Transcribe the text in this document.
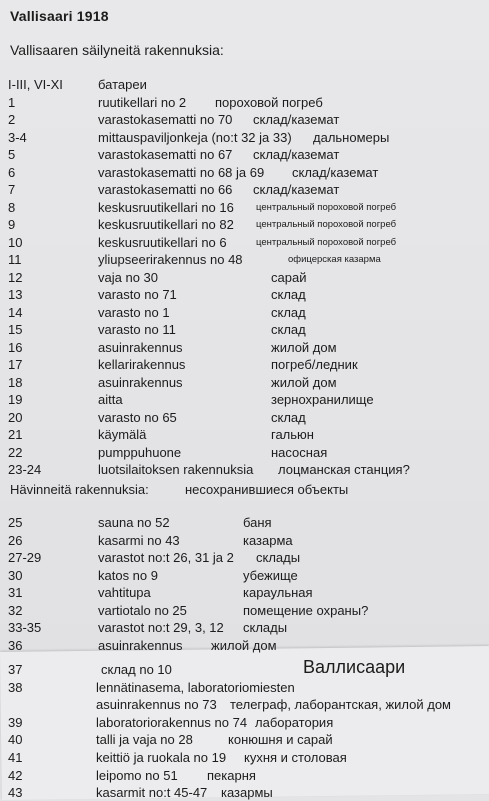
Vallisaari 1918
Vallisaaren säilyneitä rakennuksia:
I-III, VI-XI	батареи
1	ruutikellari no 2 пороховой погреб
2	varastokasematti no 70 склад/каземат
3-4	mittauspaviljonkeja (no:t 32 ja 33) дальномеры
5	varastokasematti no 67 склад/каземат
6	varastokasematti no 68 ja 69 склад/каземат
7	varastokasematti no 66 склад/каземат
8	keskusruutikellari no 16 центральный пороховой погреб
9	keskusruutikellari no 82 центральный пороховой погреб
10	keskusruutikellari no 6	центральный пороховой погреб
11	yliupseerirakennus no 48	офицерская казарма
12	vaja no 30	сарай
13	varasto no 71	склад
14	varasto no 1	склад
15	varasto no 11	склад
16	asuinrakennus	жилой дом
17	kellarirakennus	погреб/ледник
18	asuinrakennus	жилой дом
19	aitta	зернохранилище
20	varasto no 65	склад
21	käymälä	гальюн
22	pumppuhuone	насосная
23-24	luotsilaitoksen rakennuksia лоцманская станция?
Hävinneitä rakennuksia:	несохранившиеся объекты
25	sauna no 52	баня
26	kasarmi no 43	казарма
27-29	varastot no:t 26, 31 ja 2 склады
30	katos no 9	убежище
31	vahtitupa	караульная
32	vartiotalo no 25	помещение охраны?
33-35	varastot no:t 29, 3, 12 склады
36	asuinrakennus жилой дом
Валлисаари
37	склад no 10
38	lennätinasema, laboratoriomiesten
asuinrakennus no 73 телеграф, лаборантская, жилой дом
39	laboratoriorakennus no 74 лаборатория
40	talli ja vaja no 28	конюшня и сарай
41	keittiö ja ruokala no 19 кухня и столовая
42	leipomo no 51 пекарня
43	kasarmit no:t 45-47 казармы
